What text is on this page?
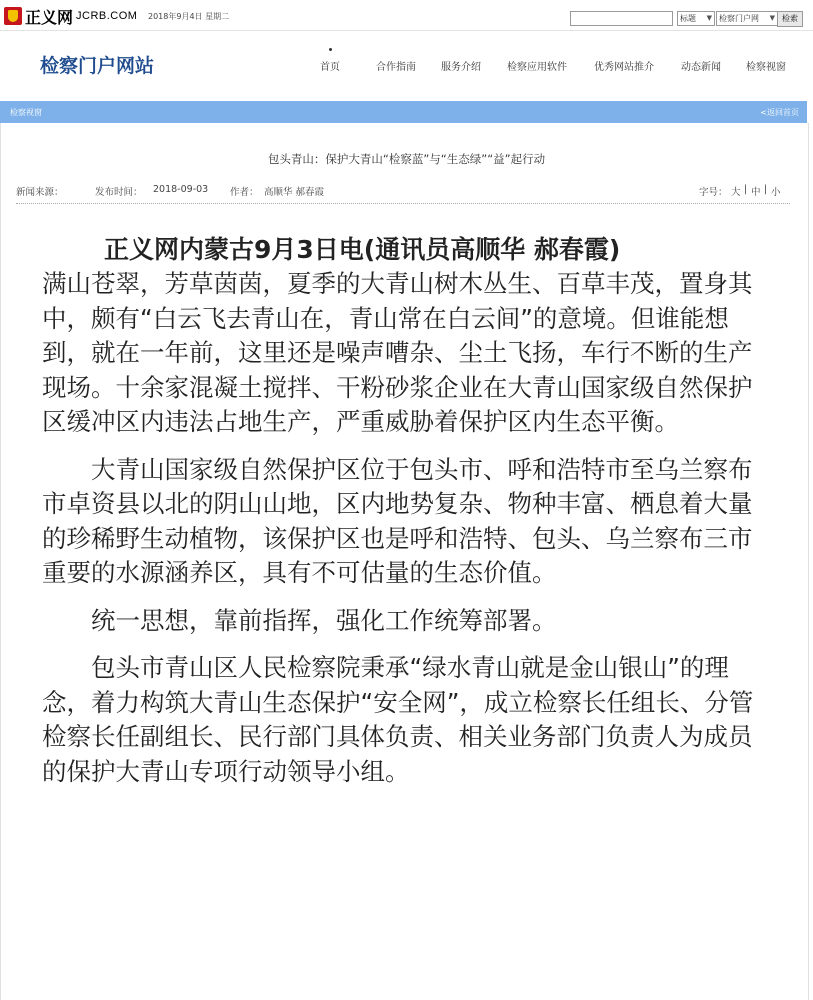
正义网 JCRB.COM 2018年9月4日 星期二	标题 ▼ 检察门户网 ▼ 检索
检察门户网站	首页	合作指南	服务介绍	检察应用软件	优秀网站推介	动态新闻	检察视窗
检察视窗	<返回首页
包头青山：保护大青山“检察蓝”与“生态绿”“益”起行动
新闻来源：	发布时间： 2018-09-03 作者： 高顺华 郝春霞	字号： 大 | 中 | 小

正义网内蒙古9月3日电(通讯员高顺华 郝春霞)

满山苍翠，芳草茵茵，夏季的大青山树木丛生、百草丰茂，置身其中，颇有“白云飞去青山在，青山常在白云间”的意境。但谁能想到，就在一年前，这里还是噪声嘈杂、尘土飞扬，车行不断的生产现场。十余家混凝土搅拌、干粉砂浆企业在大青山国家级自然保护区缓冲区内违法占地生产，严重威胁着保护区内生态平衡。

大青山国家级自然保护区位于包头市、呼和浩特市至乌兰察布市卓资县以北的阴山山地，区内地势复杂、物种丰富、栖息着大量的珍稀野生动植物，该保护区也是呼和浩特、包头、乌兰察布三市重要的水源涵养区，具有不可估量的生态价值。

统一思想，靠前指挥，强化工作统筹部署。

包头市青山区人民检察院秉承“绿水青山就是金山银山”的理念，着力构筑大青山生态保护“安全网”，成立检察长任组长、分管检察长任副组长、民行部门具体负责、相关业务部门负责人为成员的保护大青山专项行动领导小组。
